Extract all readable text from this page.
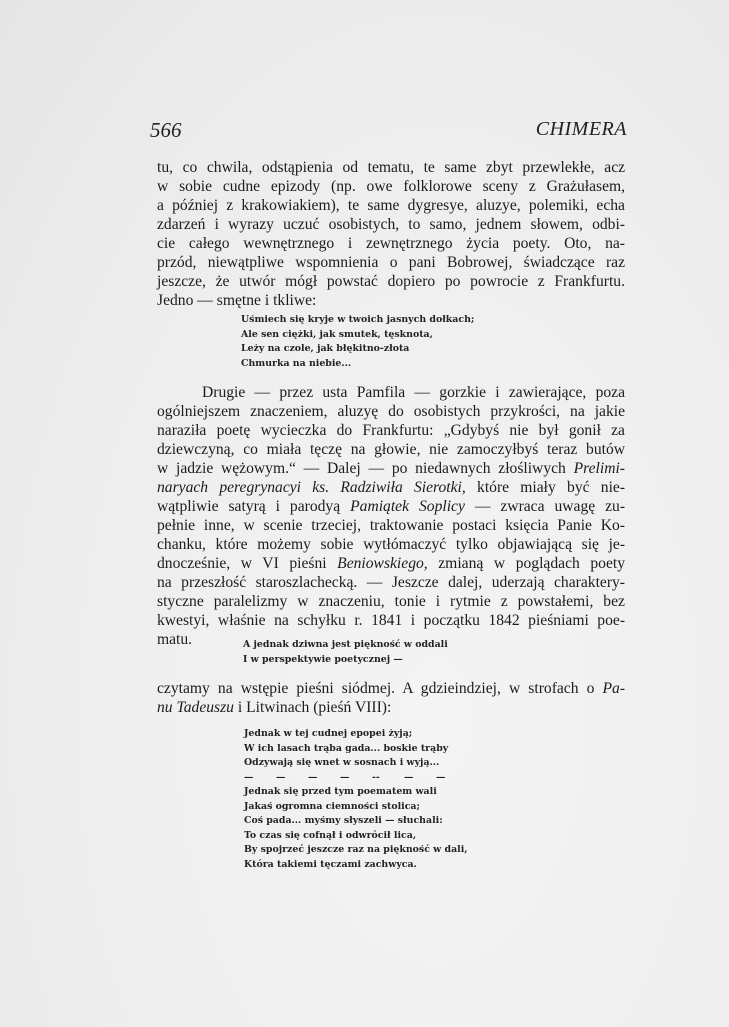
566	CHIMERA
tu, co chwila, odstąpienia od tematu, te same zbyt przewlekłe, acz
w sobie cudne epizody (np. owe folklorowe sceny z Grażułasem,
a później z krakowiakiem), te same dygresye, aluzye, polemiki, echa
zdarzeń i wyrazy uczuć osobistych, to samo, jednem słowem, odbi-
cie całego wewnętrznego i zewnętrznego życia poety. Oto, na-
przód, niewątpliwe wspomnienia o pani Bobrowej, świadczące raz
jeszcze, że utwór mógł powstać dopiero po powrocie z Frankfurtu.
Jedno — smętne i tkliwe:
Uśmiech się kryje w twoich jasnych dołkach;
Ale sen ciężki, jak smutek, tęsknota,
Leży na czole, jak błękitno-złota
Chmurka na niebie...
Drugie — przez usta Pamfila — gorzkie i zawierające, poza
ogólniejszem znaczeniem, aluzyę do osobistych przykrości, na jakie
naraziła poetę wycieczka do Frankfurtu: „Gdybyś nie był gonił za
dziewczyną, co miała tęczę na głowie, nie zamoczyłbyś teraz butów
w jadzie wężowym.“ — Dalej — po niedawnych złośliwych Prelimi-
naryach peregrynacyi ks. Radziwiła Sierotki, które miały być nie-
wątpliwie satyrą i parodyą Pamiątek Soplicy — zwraca uwagę zu-
pełnie inne, w scenie trzeciej, traktowanie postaci księcia Panie Ko-
chanku, które możemy sobie wytłómaczyć tylko objawiającą się je-
dnocześnie, w VI pieśni Beniowskiego, zmianą w poglądach poety
na przeszłość staroszlachecką. — Jeszcze dalej, uderzają charaktery-
styczne paralelizmy w znaczeniu, tonie i rytmie z powstałemi, bez
kwestyi, właśnie na schyłku r. 1841 i początku 1842 pieśniami poe-
matu.	A jednak dziwna jest piękność w oddali
I w perspektywie poetycznej —
czytamy na wstępie pieśni siódmej. A gdzieindziej, w strofach o Pa-
nu Tadeuszu i Litwinach (pieśń VIII):
Jednak w tej cudnej epopei żyją;
W ich lasach trąba gada... boskie trąby
Odzywają się wnet w sosnach i wyją...
— — — — --	— —
Jednak się przed tym poematem wali
Jakaś ogromna ciemności stolica;
Coś pada... myśmy słyszeli — słuchali:
To czas się cofnął i odwrócił lica,
By spojrzeć jeszcze raz na piękność w dali,
Która takiemi tęczami zachwyca.
